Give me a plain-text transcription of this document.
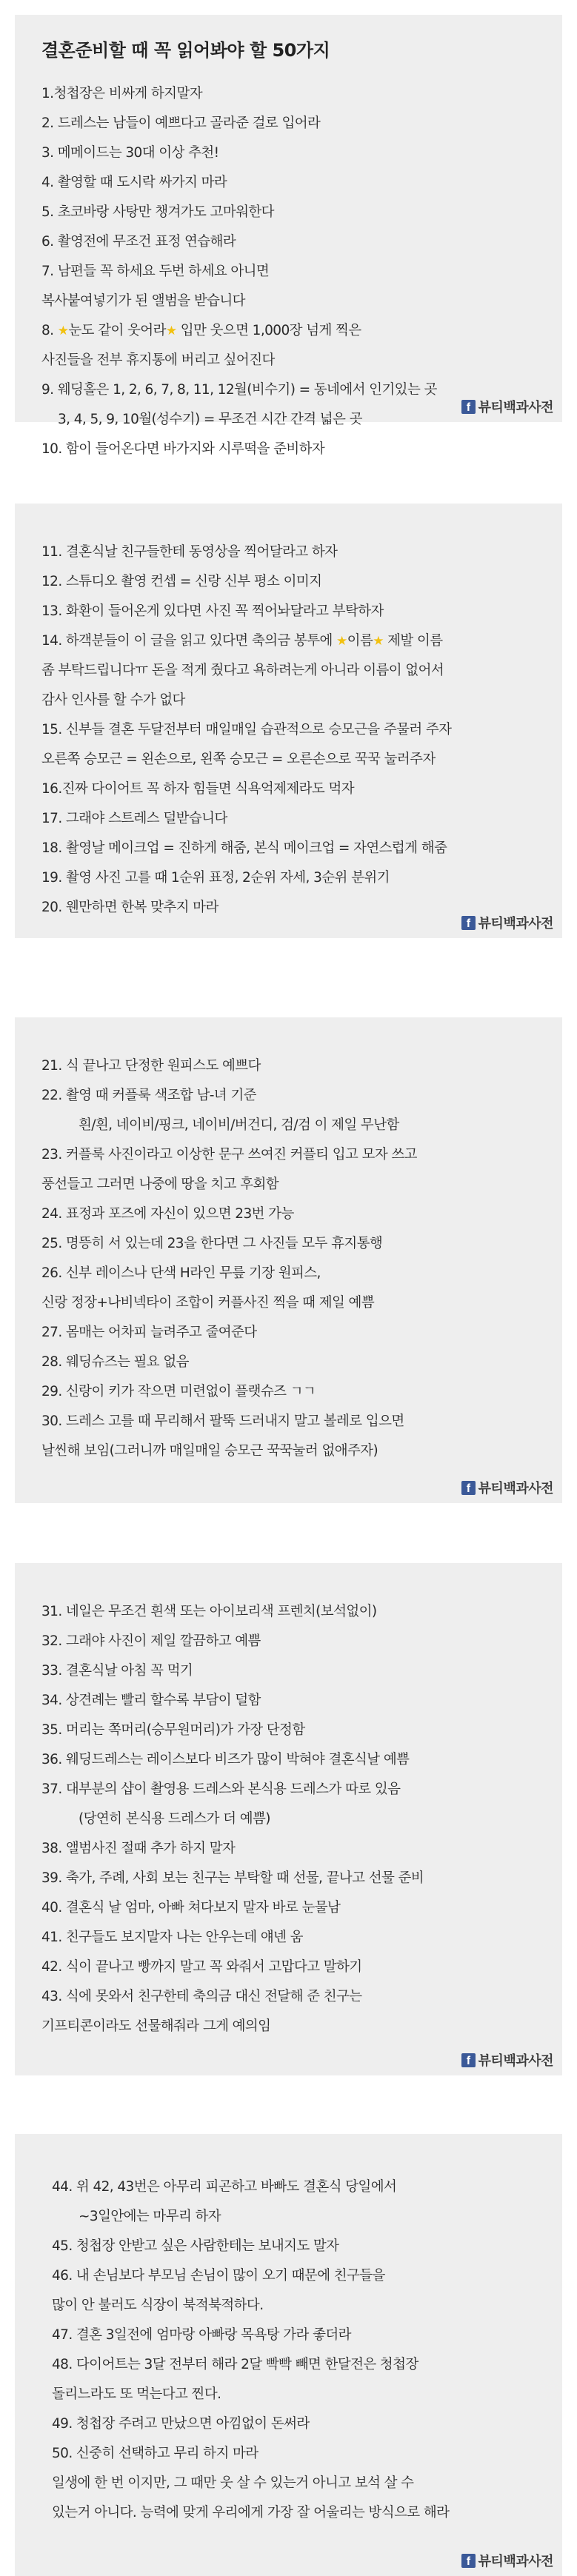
결혼준비할 때 꼭 읽어봐야 할 50가지
1.청첩장은 비싸게 하지말자
2. 드레스는 남들이 예쁘다고 골라준 걸로 입어라
3. 메메이드는 30대 이상 추천!
4. 촬영할 때 도시락 싸가지 마라
5. 초코바랑 사탕만 챙겨가도 고마워한다
6. 촬영전에 무조건 표정 연습해라
7. 남편들 꼭 하세요 두번 하세요 아니면
복사붙여넣기가 된 앨범을 받습니다
8. ★눈도 같이 웃어라★ 입만 웃으면 1,000장 넘게 찍은
사진들을 전부 휴지통에 버리고 싶어진다
9. 웨딩홀은 1, 2, 6, 7, 8, 11, 12월(비수기) = 동네에서 인기있는 곳
3, 4, 5, 9, 10월(성수기) = 무조건 시간 간격 넓은 곳
10. 함이 들어온다면 바가지와 시루떡을 준비하자
f 뷰티백과사전
11. 결혼식날 친구들한테 동영상을 찍어달라고 하자
12. 스튜디오 촬영 컨셉 = 신랑 신부 평소 이미지
13. 화환이 들어온게 있다면 사진 꼭 찍어놔달라고 부탁하자
14. 하객분들이 이 글을 읽고 있다면 축의금 봉투에 ★이름★ 제발 이름
좀 부탁드립니다ㅠ 돈을 적게 줬다고 욕하려는게 아니라 이름이 없어서
감사 인사를 할 수가 없다
15. 신부들 결혼 두달전부터 매일매일 습관적으로 승모근을 주물러 주자
오른쪽 승모근 = 왼손으로, 왼쪽 승모근 = 오른손으로 꾹꾹 눌러주자
16.진짜 다이어트 꼭 하자 힘들면 식욕억제제라도 먹자
17. 그래야 스트레스 덜받습니다
18. 촬영날 메이크업 = 진하게 해줌, 본식 메이크업 = 자연스럽게 해줌
19. 촬영 사진 고를 때 1순위 표정, 2순위 자세, 3순위 분위기
20. 웬만하면 한복 맞추지 마라
f 뷰티백과사전
21. 식 끝나고 단정한 원피스도 예쁘다
22. 촬영 때 커플룩 색조합 남-녀 기준
흰/흰, 네이비/핑크, 네이비/버건디, 검/검 이 제일 무난함
23. 커플룩 사진이라고 이상한 문구 쓰여진 커플티 입고 모자 쓰고
풍선들고 그러면 나중에 땅을 치고 후회함
24. 표정과 포즈에 자신이 있으면 23번 가능
25. 명뜽히 서 있는데 23을 한다면 그 사진들 모두 휴지통행
26. 신부 레이스나 단색 H라인 무릎 기장 원피스,
신랑 정장+나비넥타이 조합이 커플사진 찍을 때 제일 예쁨
27. 몸매는 어차피 늘려주고 줄여준다
28. 웨딩슈즈는 필요 없음
29. 신랑이 키가 작으면 미련없이 플랫슈즈 ㄱㄱ
30. 드레스 고를 때 무리해서 팔뚝 드러내지 말고 볼레로 입으면
날씬해 보임(그러니까 매일매일 승모근 꾹꾹눌러 없애주자)
f 뷰티백과사전
31. 네일은 무조건 흰색 또는 아이보리색 프렌치(보석없이)
32. 그래야 사진이 제일 깔끔하고 예쁨
33. 결혼식날 아침 꼭 먹기
34. 상견례는 빨리 할수록 부담이 덜함
35. 머리는 쪽머리(승무원머리)가 가장 단정함
36. 웨딩드레스는 레이스보다 비즈가 많이 박혀야 결혼식날 예쁨
37. 대부분의 샵이 촬영용 드레스와 본식용 드레스가 따로 있음
(당연히 본식용 드레스가 더 예쁨)
38. 앨범사진 절때 추가 하지 말자
39. 축가, 주례, 사회 보는 친구는 부탁할 때 선물, 끝나고 선물 준비
40. 결혼식 날 엄마, 아빠 쳐다보지 말자 바로 눈물남
41. 친구들도 보지말자 나는 안우는데 얘넨 움
42. 식이 끝나고 빵까지 말고 꼭 와줘서 고맙다고 말하기
43. 식에 못와서 친구한테 축의금 대신 전달해 준 친구는
기프티콘이라도 선물해줘라 그게 예의임
f 뷰티백과사전
44. 위 42, 43번은 아무리 피곤하고 바빠도 결혼식 당일에서
~3일안에는 마무리 하자
45. 청첩장 안받고 싶은 사람한테는 보내지도 말자
46. 내 손님보다 부모님 손님이 많이 오기 때문에 친구들을
많이 안 불러도 식장이 북적북적하다.
47. 결혼 3일전에 엄마랑 아빠랑 목욕탕 가라 좋더라
48. 다이어트는 3달 전부터 해라 2달 빡빡 빼면 한달전은 청첩장
돌리느라도 또 먹는다고 찐다.
49. 청첩장 주려고 만났으면 아낌없이 돈써라
50. 신중히 선택하고 무리 하지 마라
일생에 한 번 이지만, 그 때만 웃 살 수 있는거 아니고 보석 살 수
있는거 아니다. 능력에 맞게 우리에게 가장 잘 어울리는 방식으로 해라
f 뷰티백과사전
